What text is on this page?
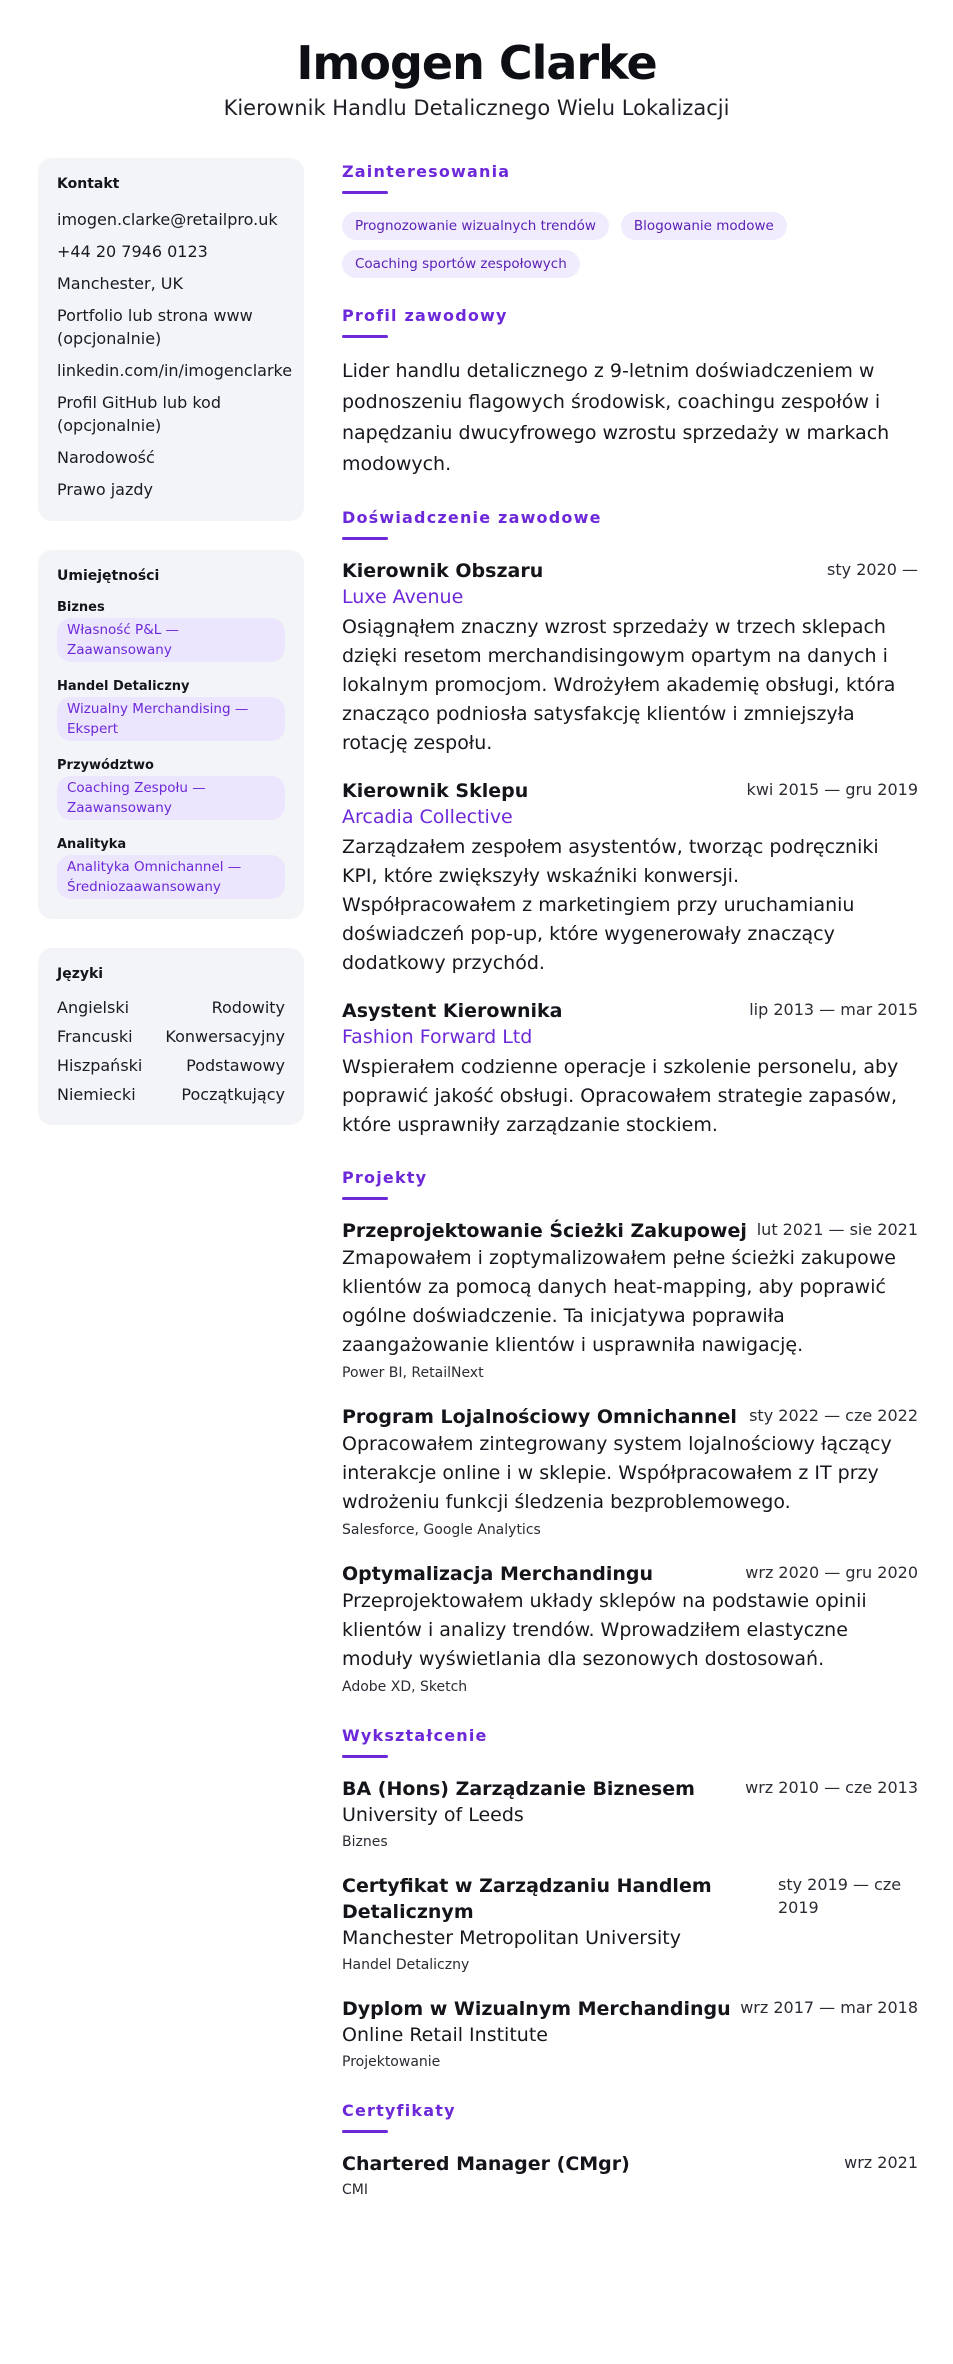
Imogen Clarke
Kierownik Handlu Detalicznego Wielu Lokalizacji
Kontakt
imogen.clarke@retailpro.uk
+44 20 7946 0123
Manchester, UK
Portfolio lub strona www (opcjonalnie)
linkedin.com/in/imogenclarke
Profil GitHub lub kod (opcjonalnie)
Narodowość
Prawo jazdy
Umiejętności
Biznes
Własność P&L — Zaawansowany
Handel Detaliczny
Wizualny Merchandising — Ekspert
Przywództwo
Coaching Zespołu — Zaawansowany
Analityka
Analityka Omnichannel — Średniozaawansowany
Języki
Angielski	Rodowity
Francuski Konwersacyjny
Hiszpański	Podstawowy
Niemiecki	Początkujący
Zainteresowania
Prognozowanie wizualnych trendów	Blogowanie modowe
Coaching sportów zespołowych
Profil zawodowy

Lider handlu detalicznego z 9-letnim doświadczeniem w podnoszeniu flagowych środowisk, coachingu zespołów i napędzaniu dwucyfrowego wzrostu sprzedaży w markach modowych.

Doświadczenie zawodowe
Kierownik Obszaru	sty 2020 —
Luxe Avenue

Osiągnąłem znaczny wzrost sprzedaży w trzech sklepach dzięki resetom merchandisingowym opartym na danych i lokalnym promocjom. Wdrożyłem akademię obsługi, która znacząco podniosła satysfakcję klientów i zmniejszyła rotację zespołu.

Kierownik Sklepu	kwi 2015 — gru 2019
Arcadia Collective

Zarządzałem zespołem asystentów, tworząc podręczniki KPI, które zwiększyły wskaźniki konwersji. Współpracowałem z marketingiem przy uruchamianiu doświadczeń pop-up, które wygenerowały znaczący dodatkowy przychód.

Asystent Kierownika	lip 2013 — mar 2015
Fashion Forward Ltd

Wspierałem codzienne operacje i szkolenie personelu, aby poprawić jakość obsługi. Opracowałem strategie zapasów, które usprawniły zarządzanie stockiem.

Projekty
Przeprojektowanie Ścieżki Zakupowej lut 2021 — sie 2021

Zmapowałem i zoptymalizowałem pełne ścieżki zakupowe klientów za pomocą danych heat-mapping, aby poprawić ogólne doświadczenie. Ta inicjatywa poprawiła zaangażowanie klientów i usprawniła nawigację.

Power BI, RetailNext
Program Lojalnościowy Omnichannel sty 2022 — cze 2022

Opracowałem zintegrowany system lojalnościowy łączący interakcje online i w sklepie. Współpracowałem z IT przy wdrożeniu funkcji śledzenia bezproblemowego.

Salesforce, Google Analytics
Optymalizacja Merchandingu	wrz 2020 — gru 2020

Przeprojektowałem układy sklepów na podstawie opinii klientów i analizy trendów. Wprowadziłem elastyczne moduły wyświetlania dla sezonowych dostosowań.

Adobe XD, Sketch
Wykształcenie
BA (Hons) Zarządzanie Biznesem	wrz 2010 — cze 2013
University of Leeds
Biznes
Certyfikat w Zarządzaniu Handlem Detalicznym
sty 2019 — cze 2019
Manchester Metropolitan University
Handel Detaliczny
Dyplom w Wizualnym Merchandingu wrz 2017 — mar 2018
Online Retail Institute
Projektowanie
Certyfikaty
Chartered Manager (CMgr)	wrz 2021
CMI
